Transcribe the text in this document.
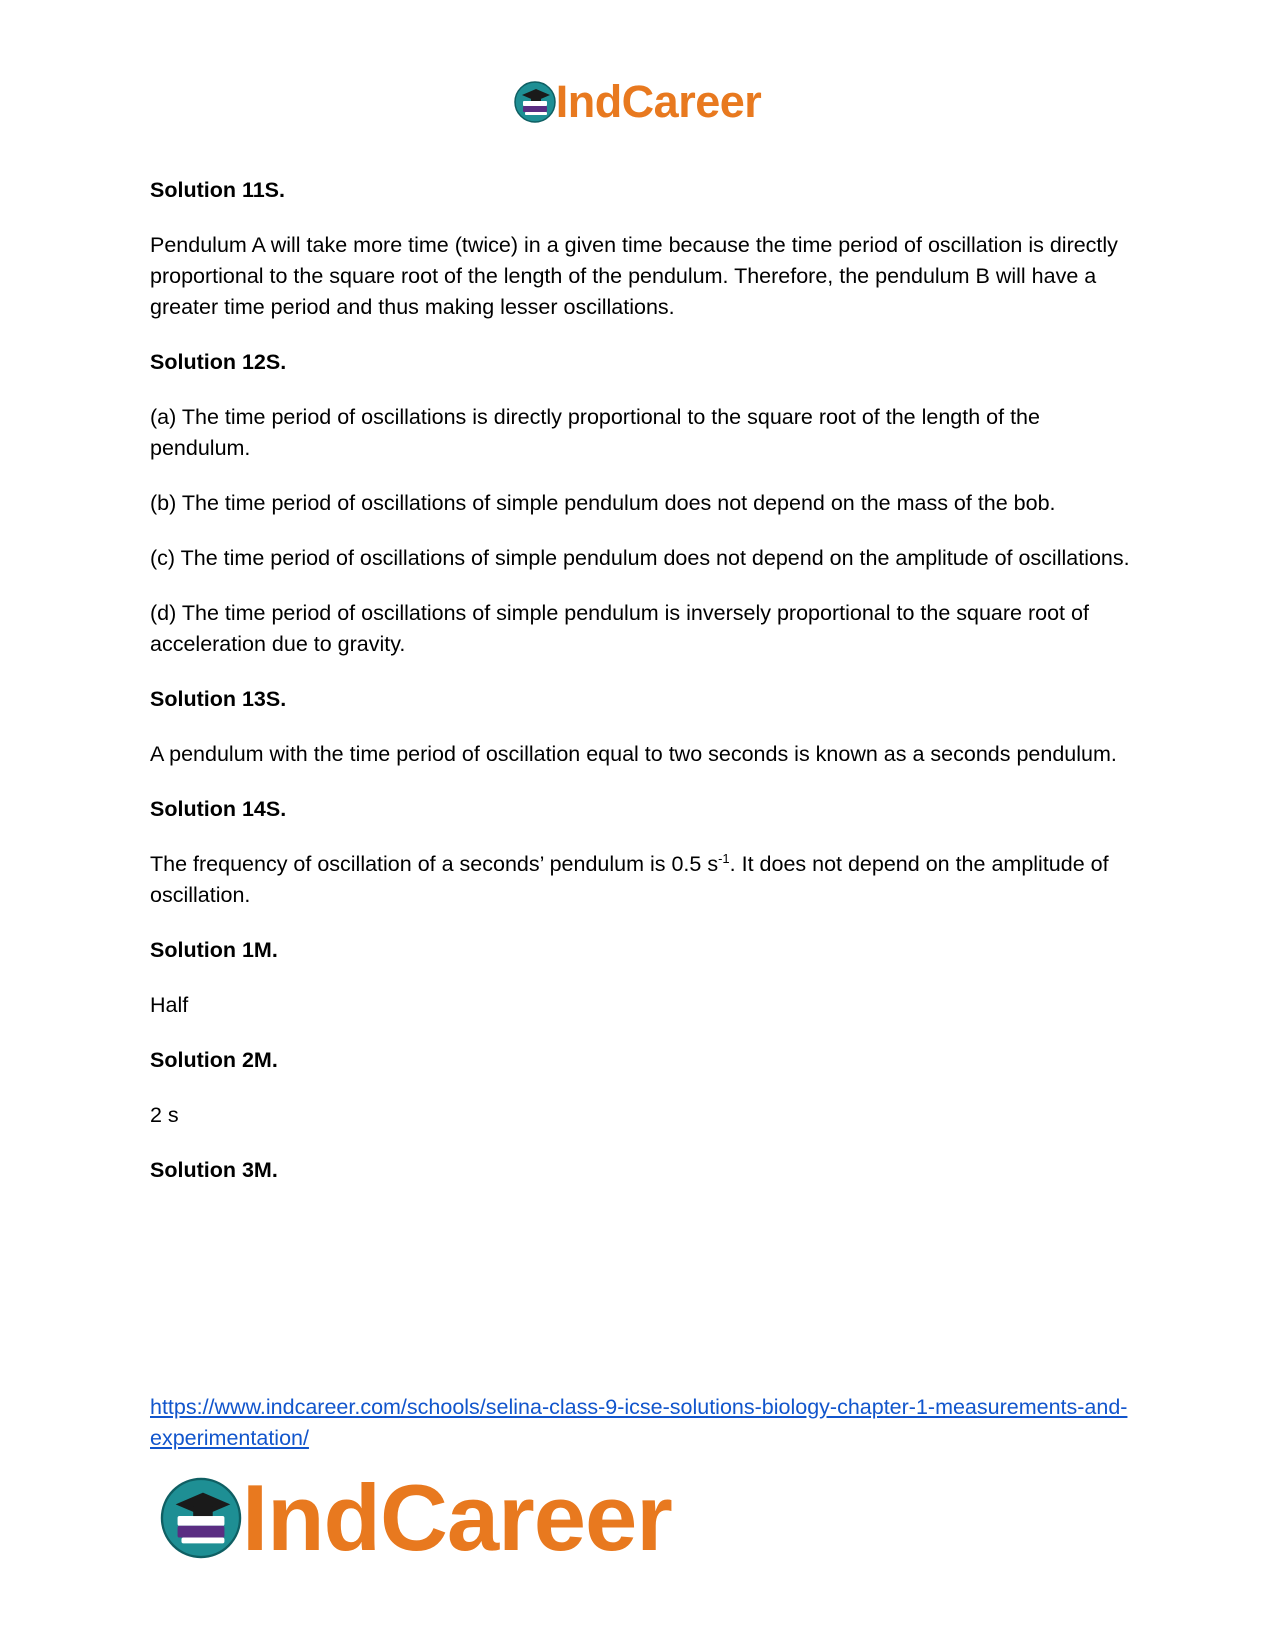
IndCareer

Solution 11S.

Pendulum A will take more time (twice) in a given time because the time period of oscillation is directly proportional to the square root of the length of the pendulum. Therefore, the pendulum B will have a greater time period and thus making lesser oscillations.

Solution 12S.

(a) The time period of oscillations is directly proportional to the square root of the length of the pendulum.

(b) The time period of oscillations of simple pendulum does not depend on the mass of the bob.

(c) The time period of oscillations of simple pendulum does not depend on the amplitude of oscillations.

(d) The time period of oscillations of simple pendulum is inversely proportional to the square root of acceleration due to gravity.

Solution 13S.

A pendulum with the time period of oscillation equal to two seconds is known as a seconds pendulum.

Solution 14S.

The frequency of oscillation of a seconds’ pendulum is 0.5 $s^{-1}$. It does not depend on the amplitude of oscillation.

Solution 1M.

Half

Solution 2M.

2 s

Solution 3M.

https://www.indcareer.com/schools/selina-class-9-icse-solutions-biology-chapter-1-measurements-and-experimentation/
IndCareer
